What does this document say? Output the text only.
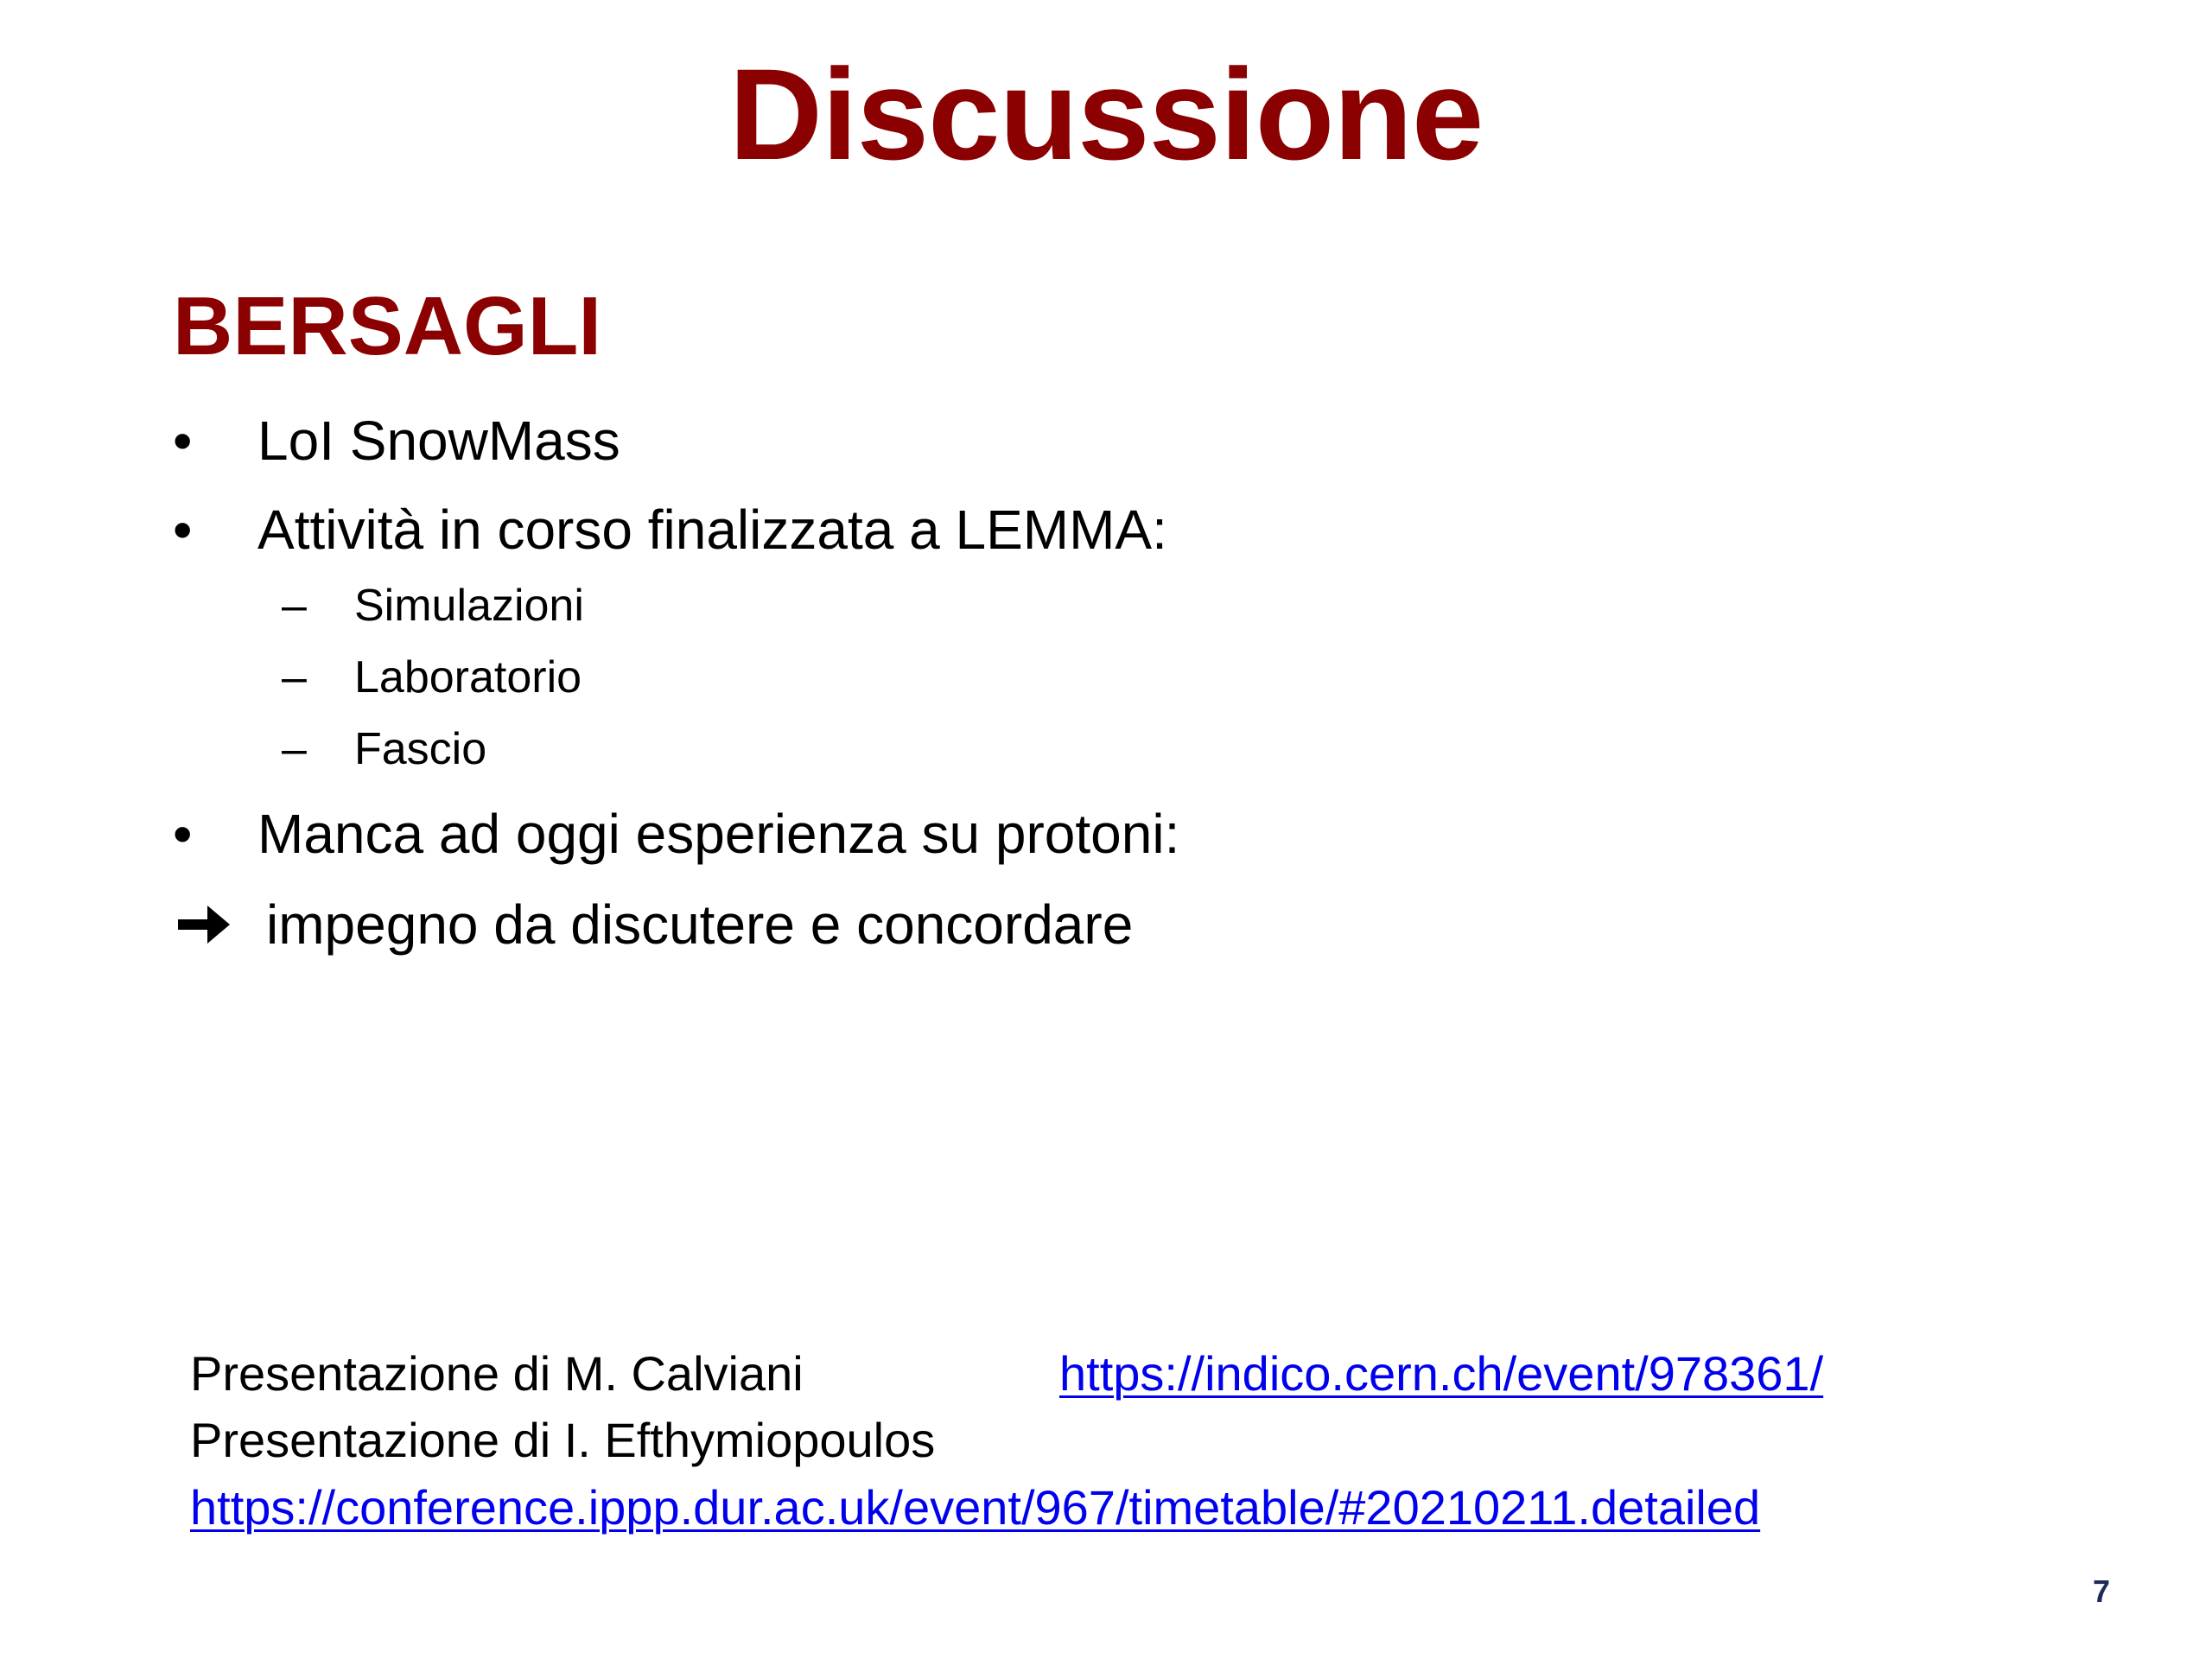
Discussione
BERSAGLI
• LoI SnowMass
• Attività in corso finalizzata a LEMMA:
– Simulazioni
– Laboratorio
– Fascio
• Manca ad oggi esperienza su protoni:
impegno da discutere e concordare
Presentazione di M. Calviani	https://indico.cern.ch/event/978361/
Presentazione di I. Efthymiopoulos
https://conference.ippp.dur.ac.uk/event/967/timetable/#20210211.detailed
7
